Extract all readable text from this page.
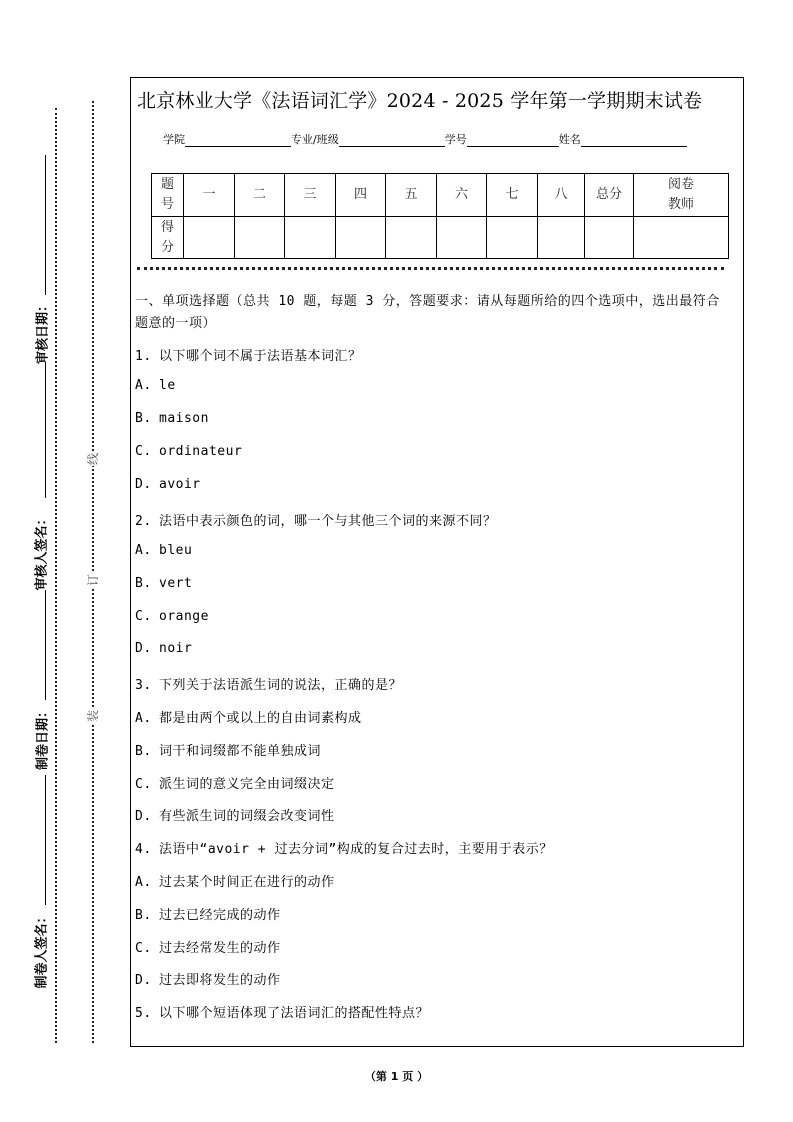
审核日期：
审核人签名：
制卷日期：
制卷人签名：
线
订
装
北京林业大学《法语词汇学》2024 - 2025 学年第一学期期末试卷
学院	专业/班级	学号	姓名
题号	一	二	三	四	五	六	七	八	总分	阅卷教师
得分										
一、单项选择题（总共 10 题，每题 3 分，答题要求：请从每题所给的四个选项中，选出最符合题意的一项）
1. 以下哪个词不属于法语基本词汇？
A. le
B. maison
C. ordinateur
D. avoir
2. 法语中表示颜色的词，哪一个与其他三个词的来源不同？
A. bleu
B. vert
C. orange
D. noir
3. 下列关于法语派生词的说法，正确的是？
A. 都是由两个或以上的自由词素构成
B. 词干和词缀都不能单独成词
C. 派生词的意义完全由词缀决定
D. 有些派生词的词缀会改变词性
4. 法语中“avoir + 过去分词”构成的复合过去时，主要用于表示？
A. 过去某个时间正在进行的动作
B. 过去已经完成的动作
C. 过去经常发生的动作
D. 过去即将发生的动作
5. 以下哪个短语体现了法语词汇的搭配性特点？
（第 1 页 ）
